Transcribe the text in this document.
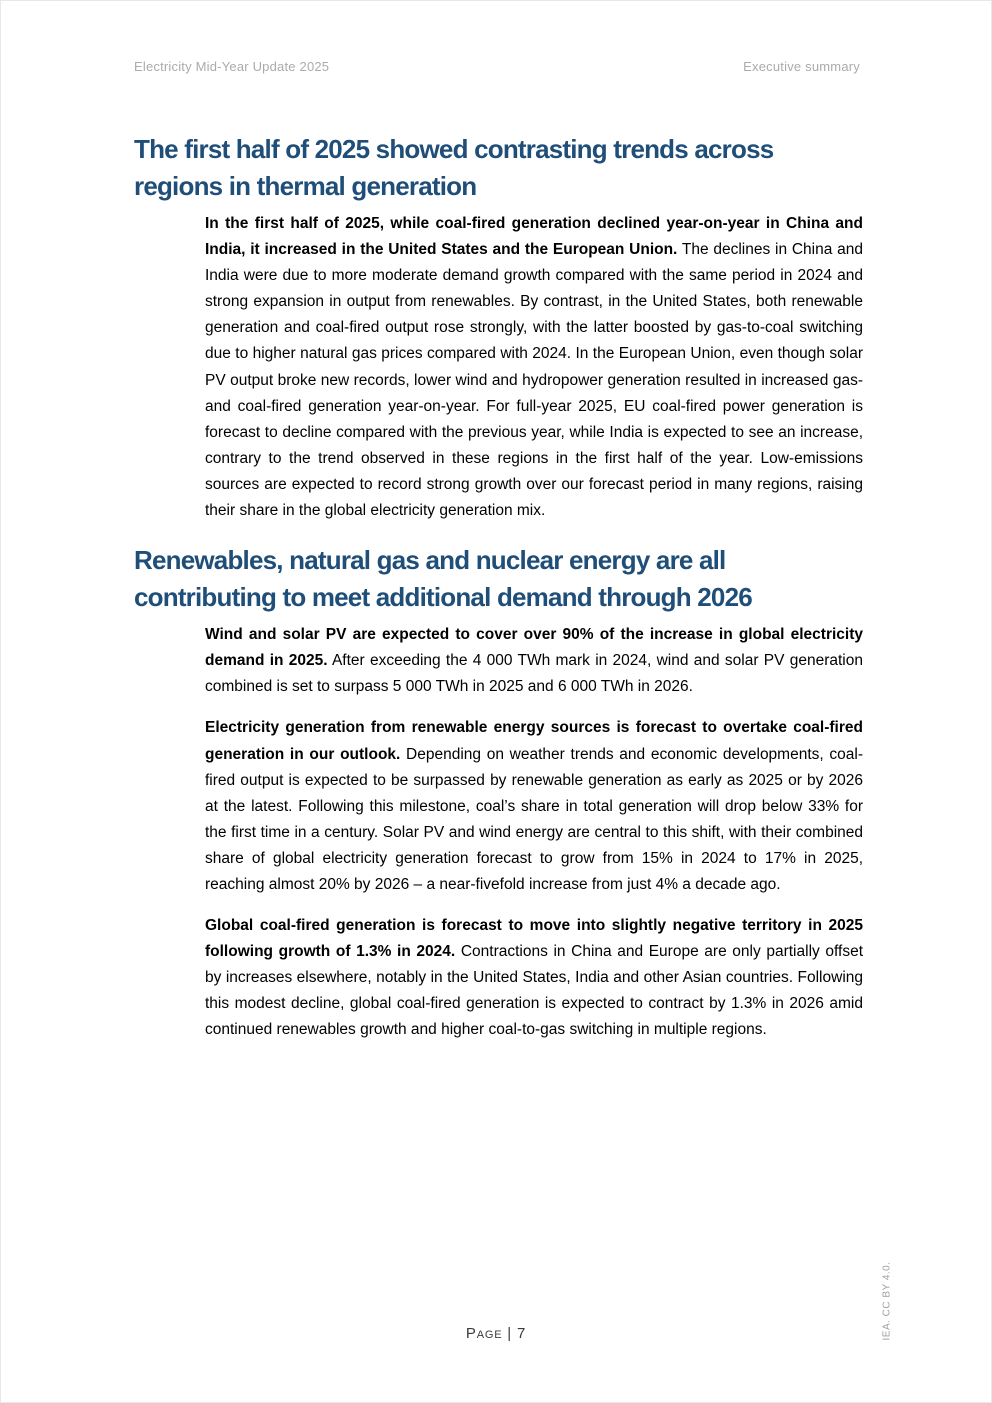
Electricity Mid-Year Update 2025	Executive summary
The first half of 2025 showed contrasting trends across regions in thermal generation

In the first half of 2025, while coal-fired generation declined year-on-year in China and India, it increased in the United States and the European Union. The declines in China and India were due to more moderate demand growth compared with the same period in 2024 and strong expansion in output from renewables. By contrast, in the United States, both renewable generation and coal-fired output rose strongly, with the latter boosted by gas-to-coal switching due to higher natural gas prices compared with 2024. In the European Union, even though solar PV output broke new records, lower wind and hydropower generation resulted in increased gas- and coal-fired generation year-on-year. For full-year 2025, EU coal-fired power generation is forecast to decline compared with the previous year, while India is expected to see an increase, contrary to the trend observed in these regions in the first half of the year. Low-emissions sources are expected to record strong growth over our forecast period in many regions, raising their share in the global electricity generation mix.

Renewables, natural gas and nuclear energy are all contributing to meet additional demand through 2026

Wind and solar PV are expected to cover over 90% of the increase in global electricity demand in 2025. After exceeding the 4 000 TWh mark in 2024, wind and solar PV generation combined is set to surpass 5 000 TWh in 2025 and 6 000 TWh in 2026.

Electricity generation from renewable energy sources is forecast to overtake coal-fired generation in our outlook. Depending on weather trends and economic developments, coal-fired output is expected to be surpassed by renewable generation as early as 2025 or by 2026 at the latest. Following this milestone, coal’s share in total generation will drop below 33% for the first time in a century. Solar PV and wind energy are central to this shift, with their combined share of global electricity generation forecast to grow from 15% in 2024 to 17% in 2025, reaching almost 20% by 2026 – a near-fivefold increase from just 4% a decade ago.

Global coal-fired generation is forecast to move into slightly negative territory in 2025 following growth of 1.3% in 2024. Contractions in China and Europe are only partially offset by increases elsewhere, notably in the United States, India and other Asian countries. Following this modest decline, global coal-fired generation is expected to contract by 1.3% in 2026 amid continued renewables growth and higher coal-to-gas switching in multiple regions.

Page | 7	IEA. CC BY 4.0.
